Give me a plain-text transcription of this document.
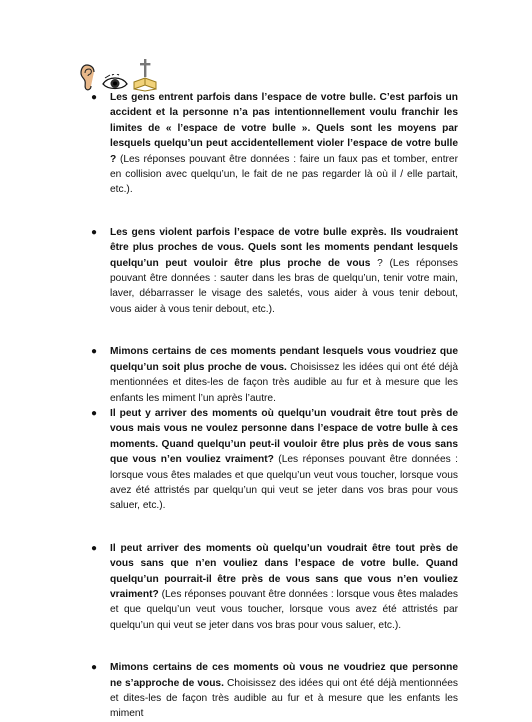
● Les gens entrent parfois dans l’espace de votre bulle. C’est parfois un accident et la personne n’a pas intentionnellement voulu franchir les limites de « l’espace de votre bulle ». Quels sont les moyens par lesquels quelqu’un peut accidentellement violer l’espace de votre bulle ? (Les réponses pouvant être données : faire un faux pas et tomber, entrer en collision avec quelqu’un, le fait de ne pas regarder là où il / elle partait, etc.).
● Les gens violent parfois l’espace de votre bulle exprès. Ils voudraient être plus proches de vous. Quels sont les moments pendant lesquels quelqu’un peut vouloir être plus proche de vous ? (Les réponses pouvant être données : sauter dans les bras de quelqu’un, tenir votre main, laver, débarrasser le visage des saletés, vous aider à vous tenir debout, vous aider à vous tenir debout, etc.).
● Mimons certains de ces moments pendant lesquels vous voudriez que quelqu’un soit plus proche de vous. Choisissez les idées qui ont été déjà mentionnées et dites-les de façon très audible au fur et à mesure que les enfants les miment l’un après l’autre.
● Il peut y arriver des moments où quelqu’un voudrait être tout près de vous mais vous ne voulez personne dans l’espace de votre bulle à ces moments. Quand quelqu’un peut-il vouloir être plus près de vous sans que vous n’en vouliez vraiment? (Les réponses pouvant être données : lorsque vous êtes malades et que quelqu’un veut vous toucher, lorsque vous avez été attristés par quelqu’un qui veut se jeter dans vos bras pour vous saluer, etc.).
● Il peut arriver des moments où quelqu’un voudrait être tout près de vous sans que n’en vouliez dans l’espace de votre bulle. Quand quelqu’un pourrait-il être près de vous sans que vous n’en vouliez vraiment? (Les réponses pouvant être données : lorsque vous êtes malades et que quelqu’un veut vous toucher, lorsque vous avez été attristés par quelqu’un qui veut se jeter dans vos bras pour vous saluer, etc.).
● Mimons certains de ces moments où vous ne voudriez que personne ne s’approche de vous. Choisissez des idées qui ont été déjà mentionnées et dites-les de façon très audible au fur et à mesure que les enfants les miment
